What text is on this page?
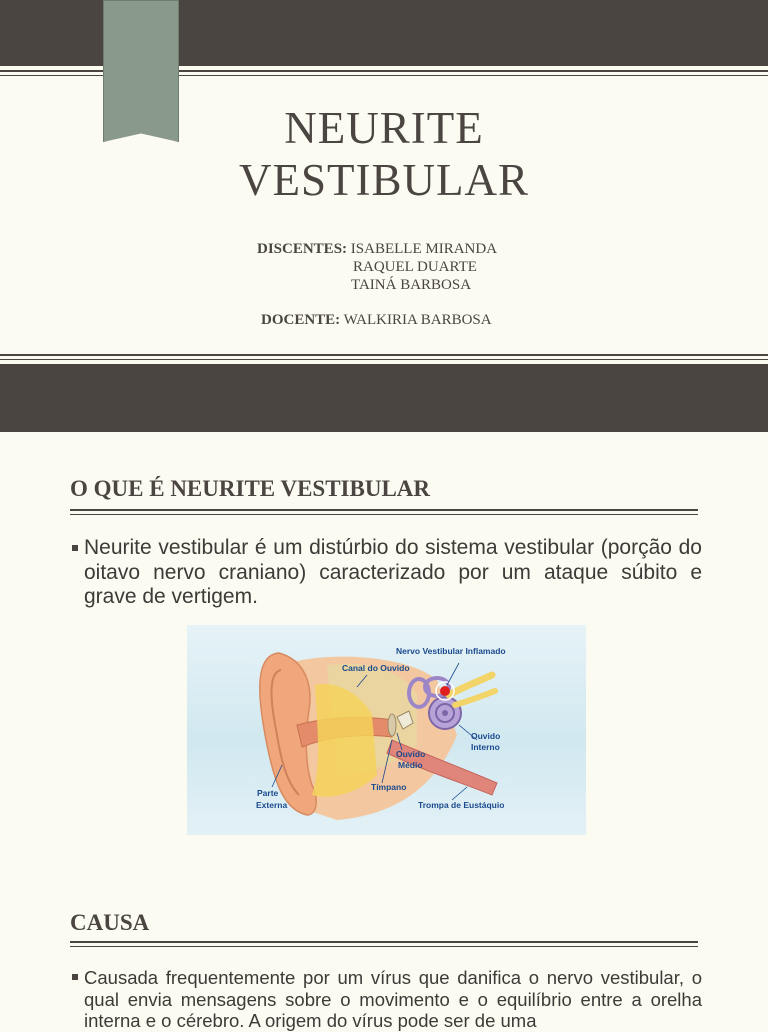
NEURITE
VESTIBULAR
DISCENTES: ISABELLE MIRANDA
RAQUEL DUARTE
TAINÁ BARBOSA
DOCENTE: WALKIRIA BARBOSA
O QUE É NEURITE VESTIBULAR
Neurite vestibular é um distúrbio do sistema vestibular (porção do oitavo nervo craniano) caracterizado por um ataque súbito e grave de vertigem.
Nervo Vestibular Inflamado
Canal do Ouvido
Ouvido
Interno
Ouvido
Médio
Parte
Externa
Tímpano
Trompa de Eustáquio
CAUSA
Causada frequentemente por um vírus que danifica o nervo vestibular, o qual envia mensagens sobre o movimento e o equilíbrio entre a orelha interna e o cérebro. A origem do vírus pode ser de uma
